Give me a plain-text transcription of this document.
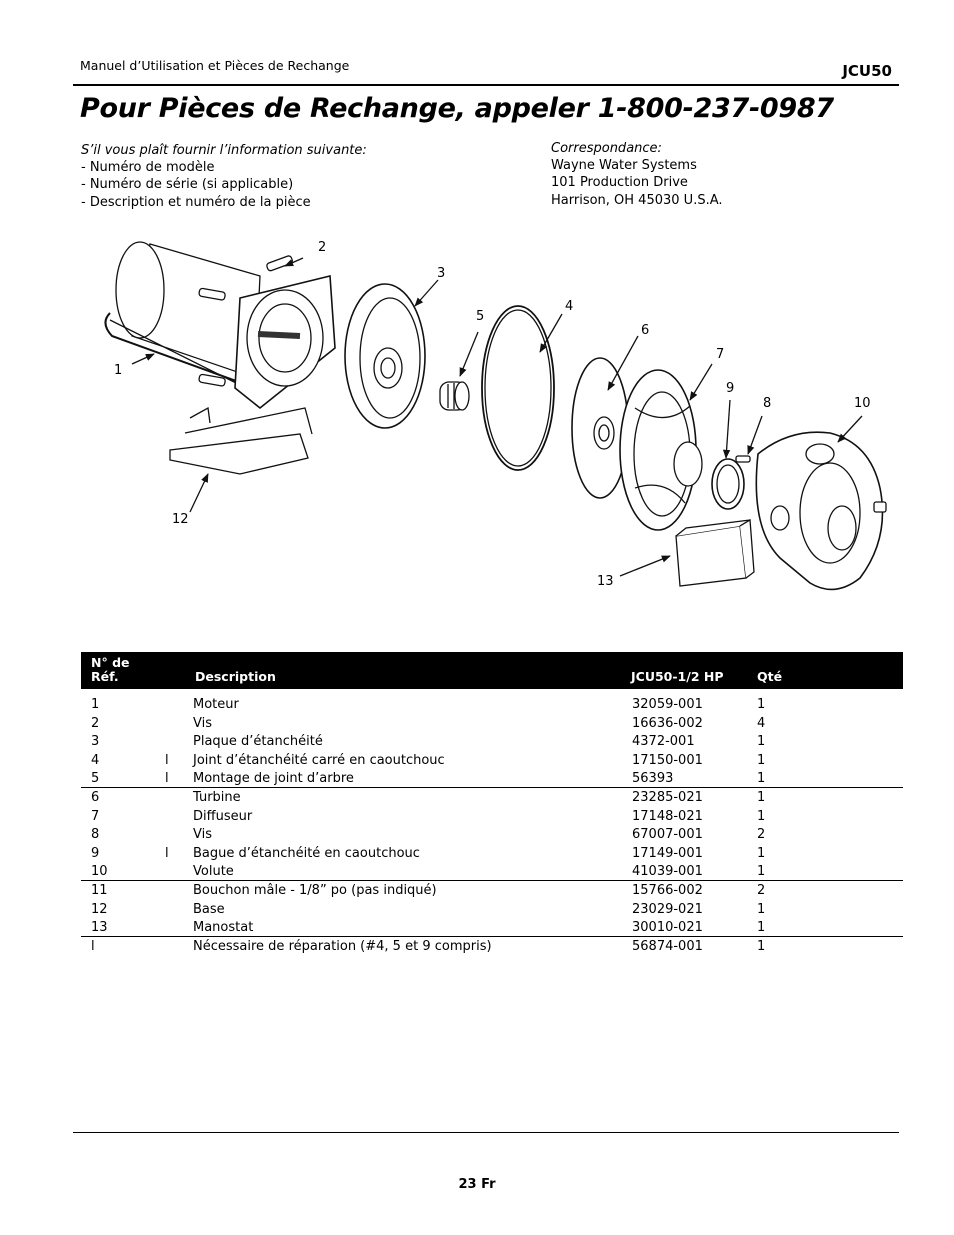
Manuel d’Utilisation et Pièces de Rechange	JCU50
Pour Pièces de Rechange, appeler 1-800-237-0987
S’il vous plaît fournir l’information suivante:
- Numéro de modèle
- Numéro de série (si applicable)
- Description et numéro de la pièce
Correspondance:
Wayne Water Systems
101 Production Drive
Harrison, OH 45030 U.S.A.
2
3
4
5
6
7
9
8	10
1
12
13
N° de
Réf.	Description	JCU50-1/2 HP	Qté
1	Moteur	32059-001	1
2	Vis	16636-002	4
3	Plaque d’étanchéité	4372-001	1
4	l Joint d’étanchéité carré en caoutchouc	17150-001	1
5	l Montage de joint d’arbre	56393	1
6	Turbine	23285-021	1
7	Diffuseur	17148-021	1
8	Vis	67007-001	2
9	l Bague d’étanchéité en caoutchouc	17149-001	1
10	Volute	41039-001	1
11	Bouchon mâle - 1/8” po (pas indiqué)	15766-002	2
12	Base	23029-021	1
13	Manostat	30010-021	1
l	Nécessaire de réparation (#4, 5 et 9 compris)	56874-001	1
23 Fr
